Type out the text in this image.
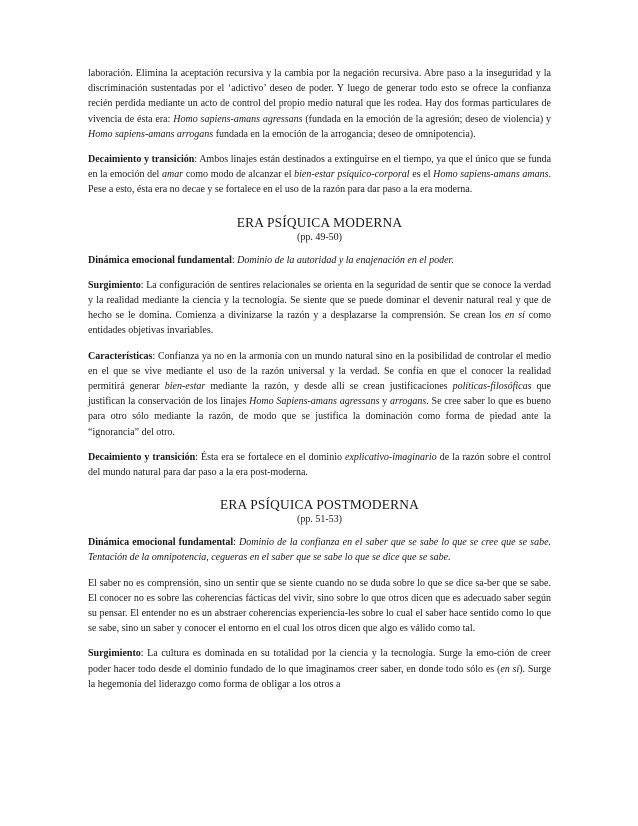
laboración. Elimina la aceptación recursiva y la cambia por la negación recursiva. Abre paso a la inseguridad y la discriminación sustentadas por el ‘adictivo’ deseo de poder. Y luego de generar todo esto se ofrece la confianza recién perdida mediante un acto de control del propio medio natural que les rodea. Hay dos formas particulares de vivencia de ésta era: Homo sapiens-amans agressans (fundada en la emoción de la agresión; deseo de violencia) y Homo sapiens-amans arrogans fundada en la emoción de la arrogancia; deseo de omnipotencia).

Decaimiento y transición: Ambos linajes están destinados a extinguirse en el tiempo, ya que el único que se funda en la emoción del amar como modo de alcanzar el bien-estar psíquico-corporal es el Homo sapiens-amans amans. Pese a esto, ésta era no decae y se fortalece en el uso de la razón para dar paso a la era moderna.

ERA PSÍQUICA MODERNA
(pp. 49-50)

Dinámica emocional fundamental: Dominio de la autoridad y la enajenación en el poder.

Surgimiento: La configuración de sentires relacionales se orienta en la seguridad de sentir que se conoce la verdad y la realidad mediante la ciencia y la tecnología. Se siente que se puede dominar el devenir natural real y que de hecho se le domina. Comienza a divinizarse la razón y a desplazarse la comprensión. Se crean los en sí como entidades objetivas invariables.

Características: Confianza ya no en la armonía con un mundo natural sino en la posibilidad de controlar el medio en el que se vive mediante el uso de la razón universal y la verdad. Se confía en que el conocer la realidad permitirá generar bien-estar mediante la razón, y desde allí se crean justificaciones políticas-filosóficas que justifican la conservación de los linajes Homo Sapiens-amans agressans y arrogans. Se cree saber lo que es bueno para otro sólo mediante la razón, de modo que se justifica la dominación como forma de piedad ante la “ignorancia” del otro.

Decaimiento y transición: Ésta era se fortalece en el dominio explicativo-imaginario de la razón sobre el control del mundo natural para dar paso a la era post-moderna.

ERA PSÍQUICA POSTMODERNA
(pp. 51-53)

Dinámica emocional fundamental: Dominio de la confianza en el saber que se sabe lo que se cree que se sabe. Tentación de la omnipotencia, cegueras en el saber que se sabe lo que se dice que se sabe.

El saber no es comprensión, sino un sentir que se siente cuando no se duda sobre lo que se dice sa-ber que se sabe. El conocer no es sobre las coherencias fácticas del vivir, sino sobre lo que otros dicen que es adecuado saber según su pensar. El entender no es un abstraer coherencias experiencia-les sobre lo cual el saber hace sentido como lo que se sabe, sino un saber y conocer el entorno en el cual los otros dicen que algo es válido como tal.

Surgimiento: La cultura es dominada en su totalidad por la ciencia y la tecnología. Surge la emo-ción de creer poder hacer todo desde el dominio fundado de lo que imaginamos creer saber, en donde todo sólo es (en sí). Surge la hegemonía del liderazgo como forma de obligar a los otros a
